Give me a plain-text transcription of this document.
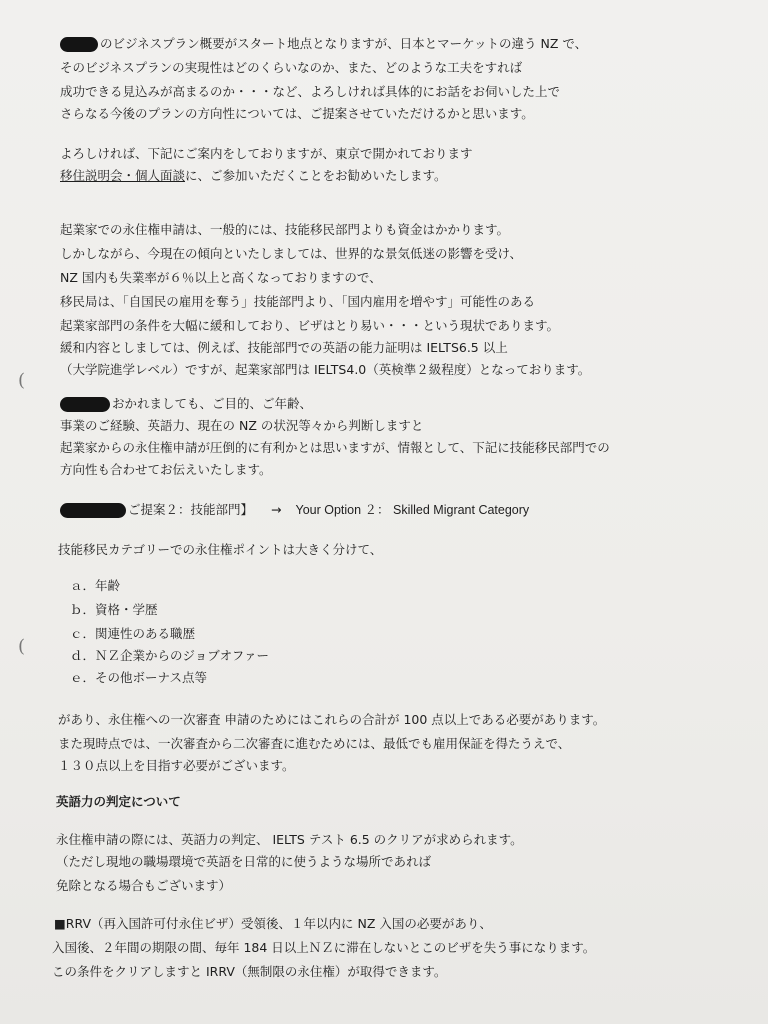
のビジネスプラン概要がスタート地点となりますが、日本とマーケットの違う NZ で、
そのビジネスプランの実現性はどのくらいなのか、また、どのような工夫をすれば
成功できる見込みが高まるのか・・・など、よろしければ具体的にお話をお伺いした上で
さらなる今後のプランの方向性については、ご提案させていただけるかと思います。
よろしければ、下記にご案内をしておりますが、東京で開かれております
移住説明会・個人面談に、ご参加いただくことをお勧めいたします。
起業家での永住権申請は、一般的には、技能移民部門よりも資金はかかります。
しかしながら、今現在の傾向といたしましては、世界的な景気低迷の影響を受け、
NZ 国内も失業率が６％以上と高くなっておりますので、
移民局は、「自国民の雇用を奪う」技能部門より、「国内雇用を増やす」可能性のある
起業家部門の条件を大幅に緩和しており、ビザはとり易い・・・という現状であります。
緩和内容としましては、例えば、技能部門での英語の能力証明は IELTS6.5 以上
（大学院進学レベル）ですが、起業家部門は IELTS4.0（英検準２級程度）となっております。
おかれましても、ご目的、ご年齢、
事業のご経験、英語力、現在の NZ の状況等々から判断しますと
起業家からの永住権申請が圧倒的に有利かとは思いますが、情報として、下記に技能移民部門での
方向性も合わせてお伝えいたします。
ご提案２：技能部門】 → Your Option ２： Skilled Migrant Category
技能移民カテゴリーでの永住権ポイントは大きく分けて、
ａ．年齢
ｂ．資格・学歴
ｃ．関連性のある職歴
ｄ．ＮＺ企業からのジョブオファー
ｅ．その他ボーナス点等
があり、永住権への一次審査 申請のためにはこれらの合計が 100 点以上である必要があります。
また現時点では、一次審査から二次審査に進むためには、最低でも雇用保証を得たうえで、
１３０点以上を目指す必要がございます。
英語力の判定について
永住権申請の際には、英語力の判定、 IELTS テスト 6.5 のクリアが求められます。
（ただし現地の職場環境で英語を日常的に使うような場所であれば
免除となる場合もございます）
■RRV（再入国許可付永住ビザ）受領後、１年以内に NZ 入国の必要があり、
入国後、２年間の期限の間、毎年 184 日以上ＮＺに滞在しないとこのビザを失う事になります。
この条件をクリアしますと IRRV（無制限の永住権）が取得できます。
(
(
